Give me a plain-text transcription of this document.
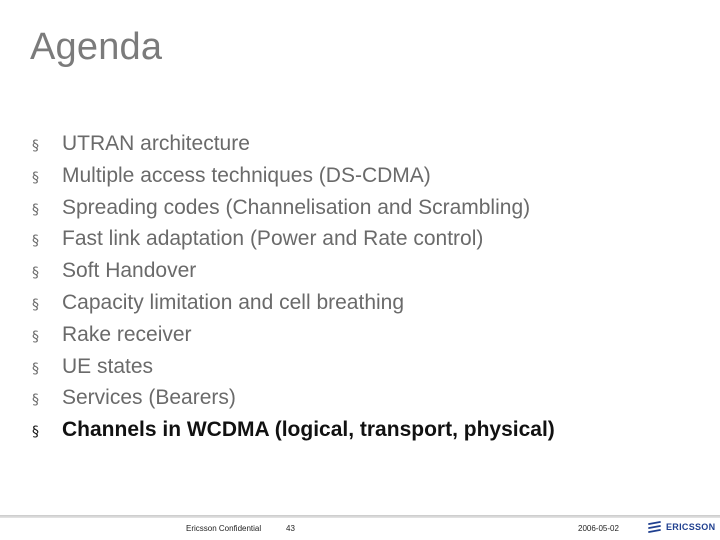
Agenda
§	UTRAN architecture
§	Multiple access techniques (DS-CDMA)
§	Spreading codes (Channelisation and Scrambling)
§	Fast link adaptation (Power and Rate control)
§	Soft Handover
§	Capacity limitation and cell breathing
§	Rake receiver
§	UE states
§	Services (Bearers)
§	Channels in WCDMA (logical, transport, physical)
Ericsson Confidential	43	2006-05-02	ERICSSON
